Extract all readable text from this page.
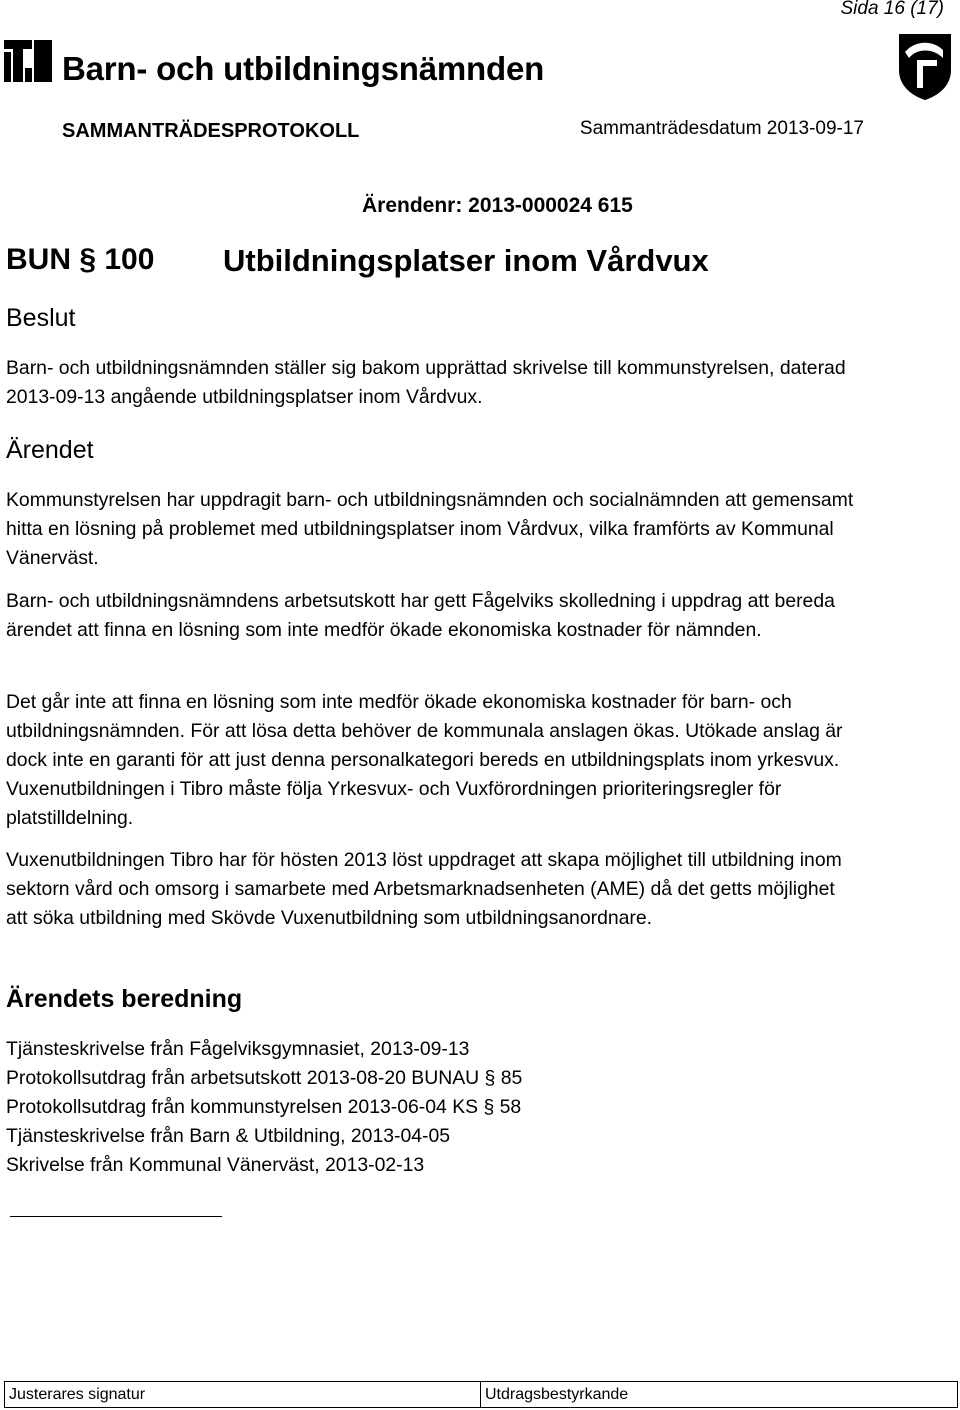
Sida 16 (17)
Barn- och utbildningsnämnden
SAMMANTRÄDESPROTOKOLL	Sammanträdesdatum 2013-09-17
Ärendenr: 2013-000024 615
BUN § 100 Utbildningsplatser inom Vårdvux
Beslut

Barn- och utbildningsnämnden ställer sig bakom upprättad skrivelse till kommunstyrelsen, daterad 2013-09-13 angående utbildningsplatser inom Vårdvux.

Ärendet

Kommunstyrelsen har uppdragit barn- och utbildningsnämnden och socialnämnden att gemensamt hitta en lösning på problemet med utbildningsplatser inom Vårdvux, vilka framförts av Kommunal Vänerväst.

Barn- och utbildningsnämndens arbetsutskott har gett Fågelviks skolledning i uppdrag att bereda ärendet att finna en lösning som inte medför ökade ekonomiska kostnader för nämnden.

Det går inte att finna en lösning som inte medför ökade ekonomiska kostnader för barn- och utbildningsnämnden. För att lösa detta behöver de kommunala anslagen ökas. Utökade anslag är dock inte en garanti för att just denna personalkategori bereds en utbildningsplats inom yrkesvux. Vuxenutbildningen i Tibro måste följa Yrkesvux- och Vuxförordningen prioriteringsregler för platstilldelning.

Vuxenutbildningen Tibro har för hösten 2013 löst uppdraget att skapa möjlighet till utbildning inom sektorn vård och omsorg i samarbete med Arbetsmarknadsenheten (AME) då det getts möjlighet att söka utbildning med Skövde Vuxenutbildning som utbildningsanordnare.

Ärendets beredning
Tjänsteskrivelse från Fågelviksgymnasiet, 2013-09-13
Protokollsutdrag från arbetsutskott 2013-08-20 BUNAU § 85
Protokollsutdrag från kommunstyrelsen 2013-06-04 KS § 58
Tjänsteskrivelse från Barn & Utbildning, 2013-04-05
Skrivelse från Kommunal Vänerväst, 2013-02-13
Justerares signatur	Utdragsbestyrkande
